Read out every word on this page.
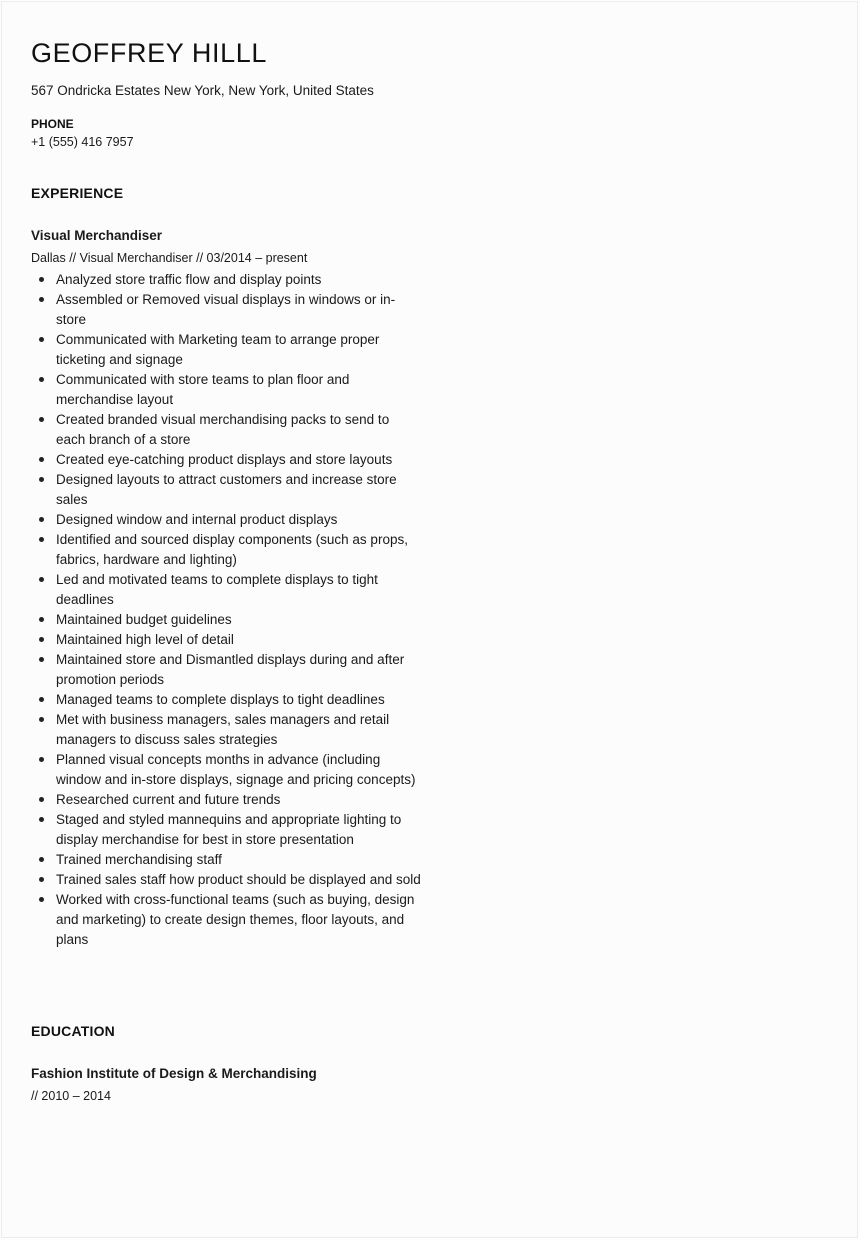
GEOFFREY HILLL
567 Ondricka Estates New York, New York, United States
PHONE
+1 (555) 416 7957
EXPERIENCE
Visual Merchandiser
Dallas // Visual Merchandiser // 03/2014 – present
Analyzed store traffic flow and display points
Assembled or Removed visual displays in windows or in-store
Communicated with Marketing team to arrange proper ticketing and signage
Communicated with store teams to plan floor and merchandise layout
Created branded visual merchandising packs to send to each branch of a store
Created eye-catching product displays and store layouts
Designed layouts to attract customers and increase store sales
Designed window and internal product displays
Identified and sourced display components (such as props, fabrics, hardware and lighting)
Led and motivated teams to complete displays to tight deadlines
Maintained budget guidelines
Maintained high level of detail
Maintained store and Dismantled displays during and after promotion periods
Managed teams to complete displays to tight deadlines
Met with business managers, sales managers and retail managers to discuss sales strategies
Planned visual concepts months in advance (including window and in-store displays, signage and pricing concepts)
Researched current and future trends
Staged and styled mannequins and appropriate lighting to display merchandise for best in store presentation
Trained merchandising staff
Trained sales staff how product should be displayed and sold
Worked with cross-functional teams (such as buying, design and marketing) to create design themes, floor layouts, and plans
EDUCATION
Fashion Institute of Design & Merchandising
// 2010 – 2014
